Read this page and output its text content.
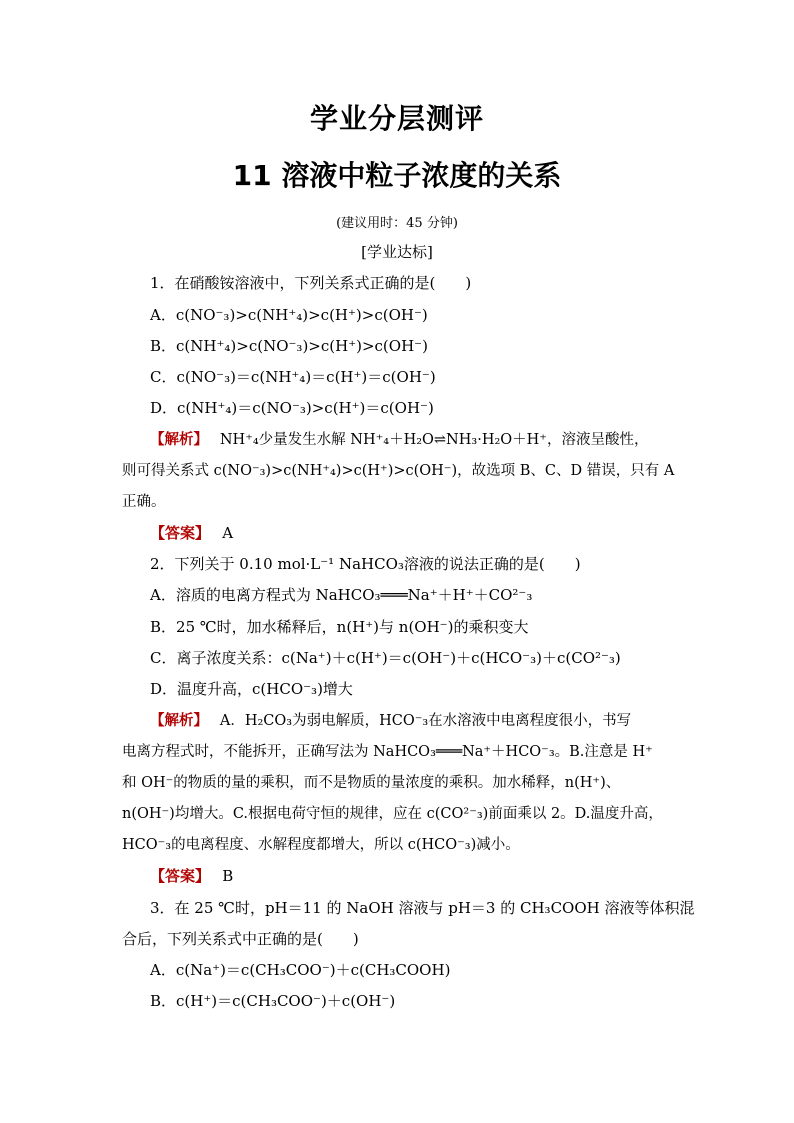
学业分层测评
11 溶液中粒子浓度的关系
(建议用时：45 分钟)
[学业达标]
1．在硝酸铵溶液中，下列关系式正确的是(　　)
A．c(NO⁻₃)>c(NH⁺₄)>c(H⁺)>c(OH⁻)
B．c(NH⁺₄)>c(NO⁻₃)>c(H⁺)>c(OH⁻)
C．c(NO⁻₃)＝c(NH⁺₄)＝c(H⁺)＝c(OH⁻)
D．c(NH⁺₄)＝c(NO⁻₃)>c(H⁺)＝c(OH⁻)
【解析】　 NH⁺₄少量发生水解 NH⁺₄＋H₂O⇌NH₃·H₂O＋H⁺，溶液呈酸性，
则可得关系式 c(NO⁻₃)>c(NH⁺₄)>c(H⁺)>c(OH⁻)，故选项 B、C、D 错误，只有 A
正确。
【答案】　 A
2．下列关于 0.10 mol·L⁻¹ NaHCO₃溶液的说法正确的是(　　)
A．溶质的电离方程式为 NaHCO₃═══Na⁺＋H⁺＋CO²⁻₃
B．25 ℃时，加水稀释后，n(H⁺)与 n(OH⁻)的乘积变大
C．离子浓度关系：c(Na⁺)＋c(H⁺)＝c(OH⁻)＋c(HCO⁻₃)＋c(CO²⁻₃)
D．温度升高，c(HCO⁻₃)增大
【解析】　 A．H₂CO₃为弱电解质，HCO⁻₃在水溶液中电离程度很小，书写
电离方程式时，不能拆开，正确写法为 NaHCO₃═══Na⁺＋HCO⁻₃。B.注意是 H⁺
和 OH⁻的物质的量的乘积，而不是物质的量浓度的乘积。加水稀释，n(H⁺)、
n(OH⁻)均增大。C.根据电荷守恒的规律，应在 c(CO²⁻₃)前面乘以 2。D.温度升高，
HCO⁻₃的电离程度、水解程度都增大，所以 c(HCO⁻₃)减小。
【答案】　 B
3．在 25 ℃时，pH＝11 的 NaOH 溶液与 pH＝3 的 CH₃COOH 溶液等体积混
合后，下列关系式中正确的是(　　)
A．c(Na⁺)＝c(CH₃COO⁻)＋c(CH₃COOH)
B．c(H⁺)＝c(CH₃COO⁻)＋c(OH⁻)
